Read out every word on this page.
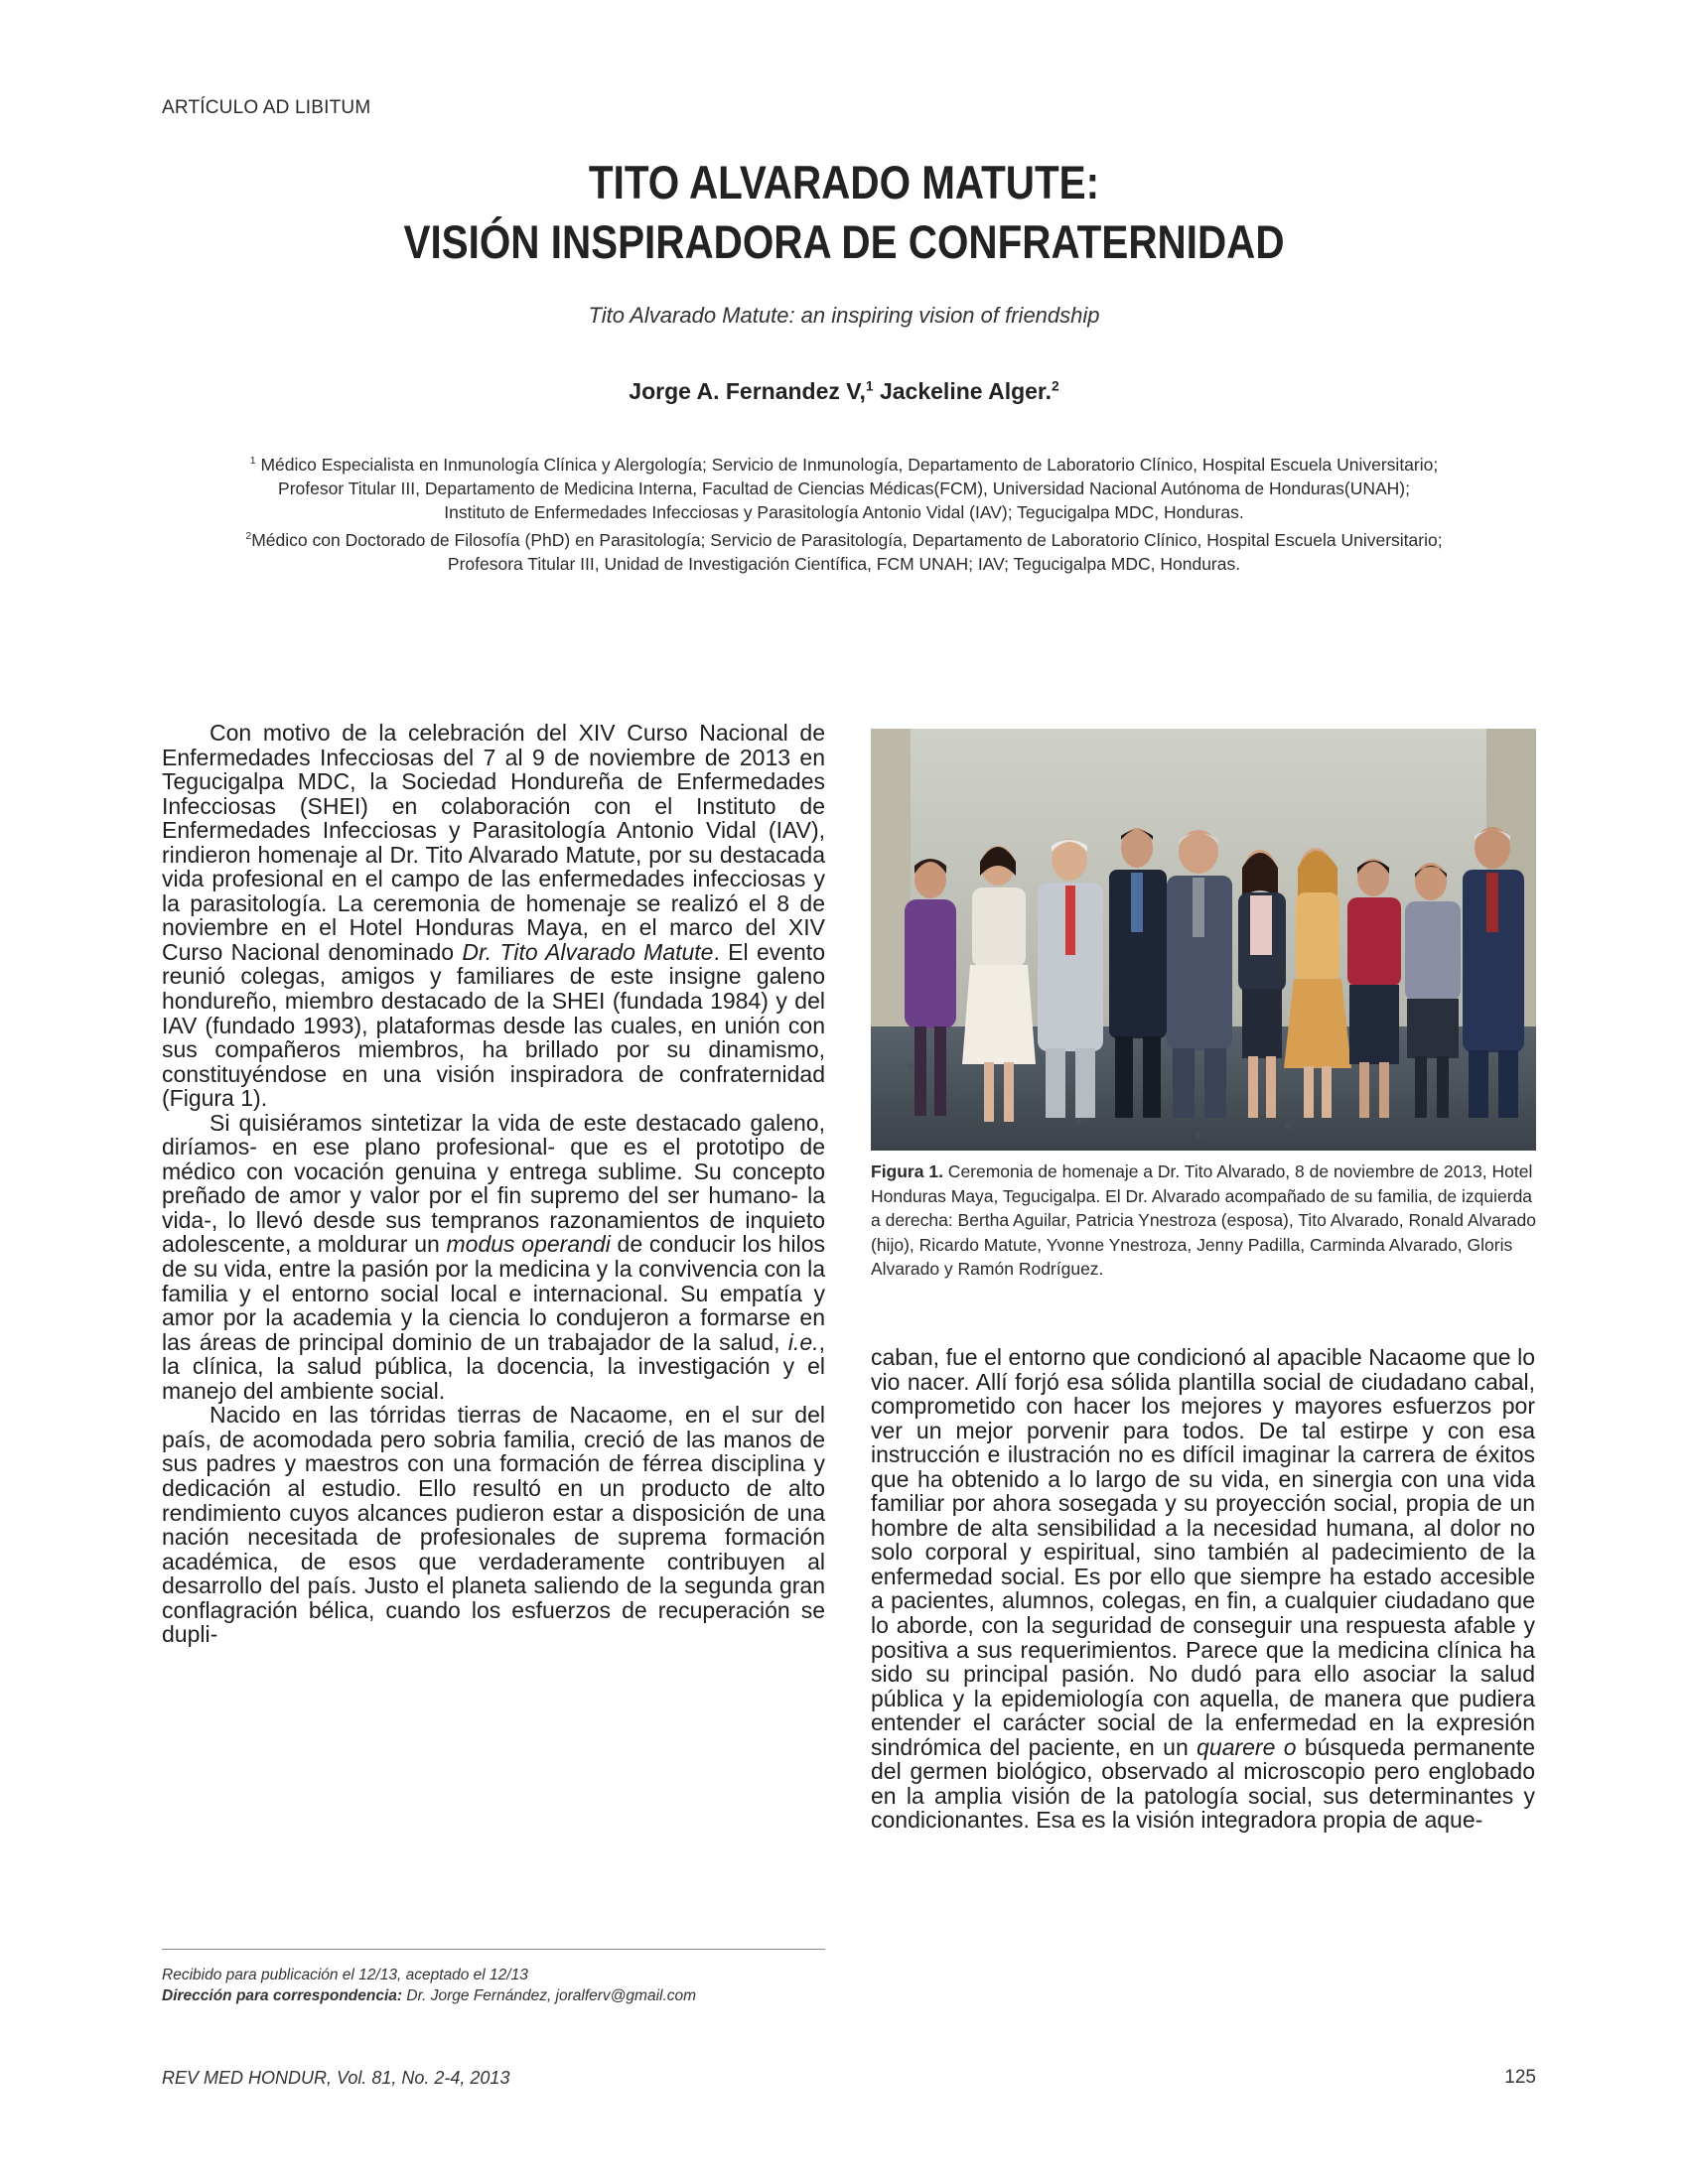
ARTÍCULO AD LIBITUM
TITO ALVARADO MATUTE:
VISIÓN INSPIRADORA DE CONFRATERNIDAD
Tito Alvarado Matute: an inspiring vision of friendship
Jorge A. Fernandez V,$^1$ Jackeline Alger.$^2$
$^1$ Médico Especialista en Inmunología Clínica y Alergología; Servicio de Inmunología, Departamento de Laboratorio Clínico, Hospital Escuela Universitario;
Profesor Titular III, Departamento de Medicina Interna, Facultad de Ciencias Médicas(FCM), Universidad Nacional Autónoma de Honduras(UNAH);
Instituto de Enfermedades Infecciosas y Parasitología Antonio Vidal (IAV); Tegucigalpa MDC, Honduras.
$^2$Médico con Doctorado de Filosofía (PhD) en Parasitología; Servicio de Parasitología, Departamento de Laboratorio Clínico, Hospital Escuela Universitario;
Profesora Titular III, Unidad de Investigación Científica, FCM UNAH; IAV; Tegucigalpa MDC, Honduras.

Con motivo de la celebración del XIV Curso Nacional de Enfermedades Infecciosas del 7 al 9 de noviembre de 2013 en Tegucigalpa MDC, la Sociedad Hondureña de Enfermedades Infecciosas (SHEI) en colaboración con el Instituto de Enfermedades Infecciosas y Parasitología Antonio Vidal (IAV), rindieron homenaje al Dr. Tito Alvarado Matute, por su destacada vida profesional en el campo de las enfermedades infecciosas y la parasitología. La ceremonia de homenaje se realizó el 8 de noviembre en el Hotel Honduras Maya, en el marco del XIV Curso Nacional denominado Dr. Tito Alvarado Matute. El evento reunió colegas, amigos y familiares de este insigne galeno hondureño, miembro destacado de la SHEI (fundada 1984) y del IAV (fundado 1993), plataformas desde las cuales, en unión con sus compañeros miembros, ha brillado por su dinamismo, constituyéndose en una visión inspiradora de confraternidad (Figura 1).

Si quisiéramos sintetizar la vida de este destacado galeno, diríamos- en ese plano profesional- que es el prototipo de médico con vocación genuina y entrega sublime. Su concepto preñado de amor y valor por el fin supremo del ser humano- la vida-, lo llevó desde sus tempranos razonamientos de inquieto adolescente, a moldurar un modus operandi de conducir los hilos de su vida, entre la pasión por la medicina y la convivencia con la familia y el entorno social local e internacional. Su empatía y amor por la academia y la ciencia lo condujeron a formarse en las áreas de principal dominio de un trabajador de la salud, i.e., la clínica, la salud pública, la docencia, la investigación y el manejo del ambiente social.

Nacido en las tórridas tierras de Nacaome, en el sur del país, de acomodada pero sobria familia, creció de las manos de sus padres y maestros con una formación de férrea disciplina y dedicación al estudio. Ello resultó en un producto de alto rendimiento cuyos alcances pudieron estar a disposición de una nación necesitada de profesionales de suprema formación académica, de esos que verdaderamente contribuyen al desarrollo del país. Justo el planeta saliendo de la segunda gran conflagración bélica, cuando los esfuerzos de recuperación se dupli-

Figura 1. Ceremonia de homenaje a Dr. Tito Alvarado, 8 de noviembre de 2013, Hotel Honduras Maya, Tegucigalpa. El Dr. Alvarado acompañado de su familia, de izquierda a derecha: Bertha Aguilar, Patricia Ynestroza (esposa), Tito Alvarado, Ronald Alvarado (hijo), Ricardo Matute, Yvonne Ynestroza, Jenny Padilla, Carminda Alvarado, Gloris Alvarado y Ramón Rodríguez.

caban, fue el entorno que condicionó al apacible Nacaome que lo vio nacer. Allí forjó esa sólida plantilla social de ciudadano cabal, comprometido con hacer los mejores y mayores esfuerzos por ver un mejor porvenir para todos. De tal estirpe y con esa instrucción e ilustración no es difícil imaginar la carrera de éxitos que ha obtenido a lo largo de su vida, en sinergia con una vida familiar por ahora sosegada y su proyección social, propia de un hombre de alta sensibilidad a la necesidad humana, al dolor no solo corporal y espiritual, sino también al padecimiento de la enfermedad social. Es por ello que siempre ha estado accesible a pacientes, alumnos, colegas, en fin, a cualquier ciudadano que lo aborde, con la seguridad de conseguir una respuesta afable y positiva a sus requerimientos. Parece que la medicina clínica ha sido su principal pasión. No dudó para ello asociar la salud pública y la epidemiología con aquella, de manera que pudiera entender el carácter social de la enfermedad en la expresión sindrómica del paciente, en un quarere o búsqueda permanente del germen biológico, observado al microscopio pero englobado en la amplia visión de la patología social, sus determinantes y condicionantes. Esa es la visión integradora propia de aque-

Recibido para publicación el 12/13, aceptado el 12/13
Dirección para correspondencia: Dr. Jorge Fernández, joralferv@gmail.com
REV MED HONDUR, Vol. 81, No. 2-4, 2013	125
